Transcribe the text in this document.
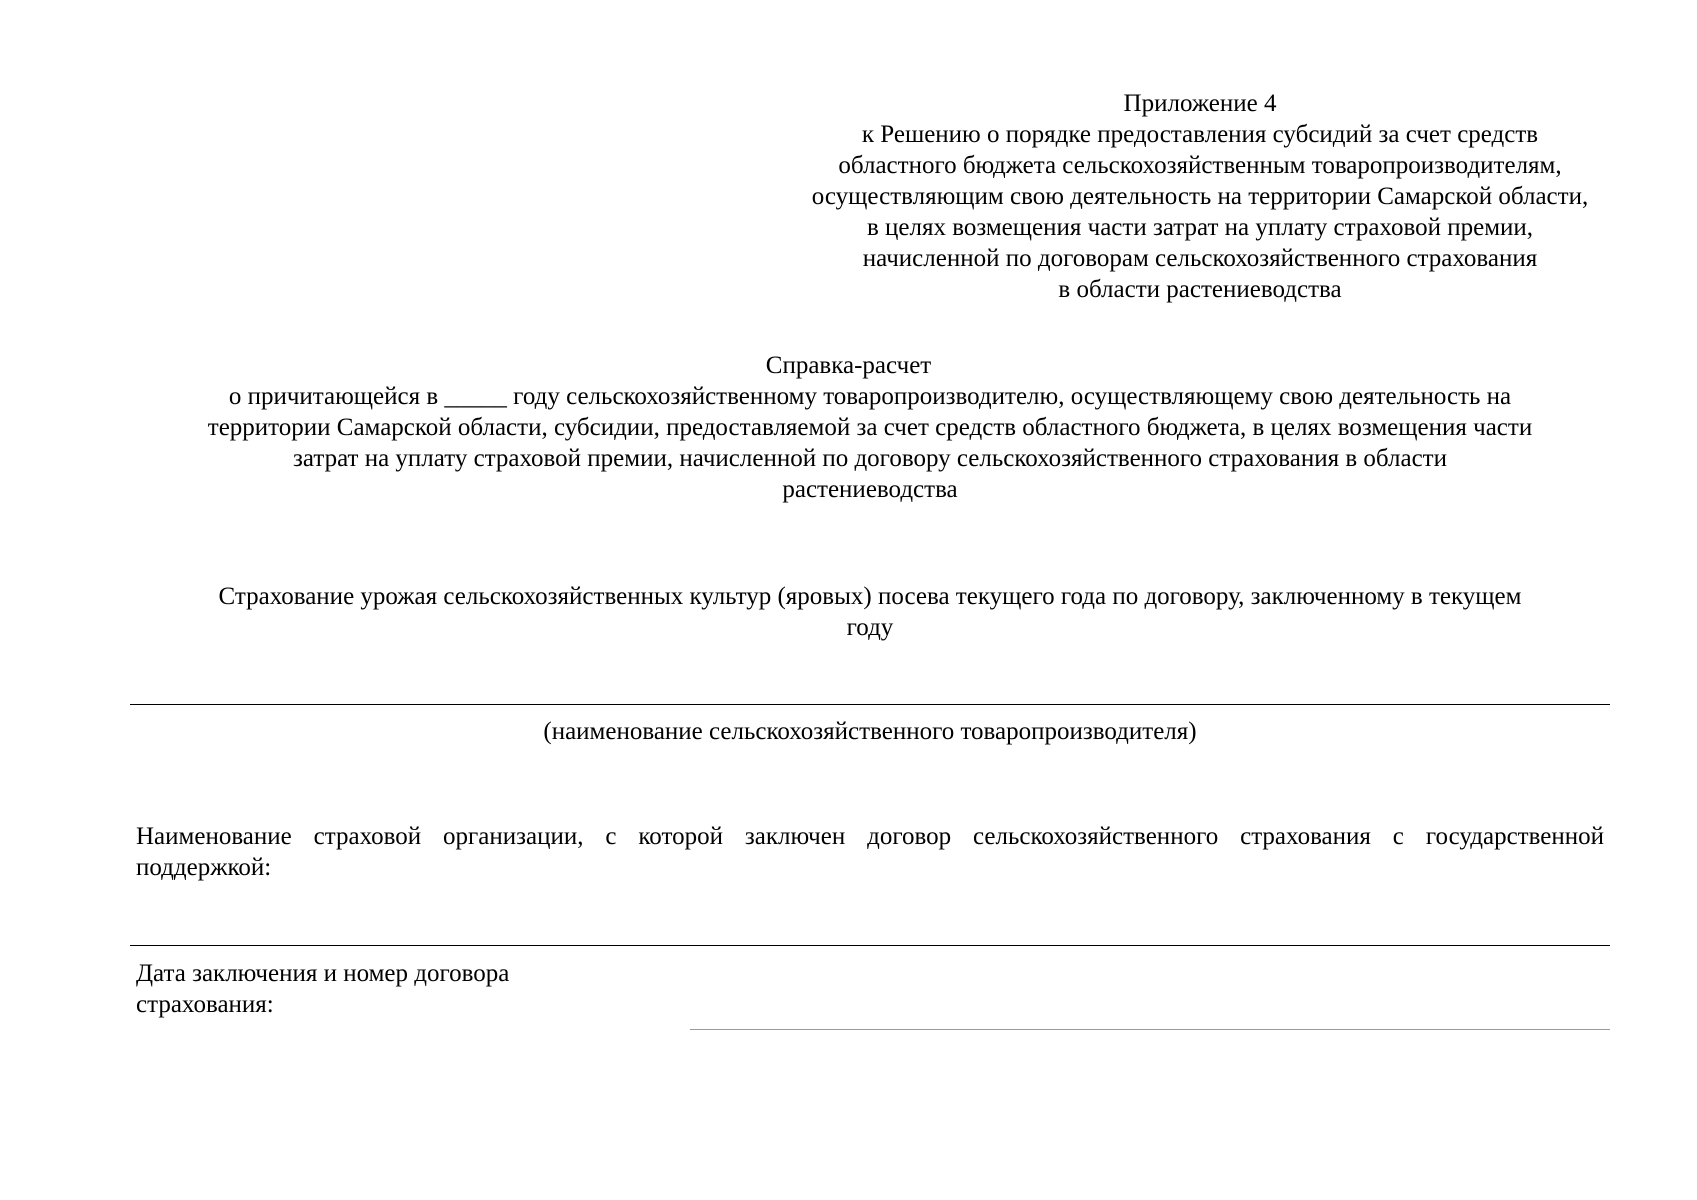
Приложение 4
к Решению о порядке предоставления субсидий за счет средств
областного бюджета сельскохозяйственным товаропроизводителям,
осуществляющим свою деятельность на территории Самарской области,
в целях возмещения части затрат на уплату страховой премии,
начисленной по договорам сельскохозяйственного страхования
в области растениеводства
Справка-расчет
о причитающейся в _____ году сельскохозяйственному товаропроизводителю, осуществляющему свою деятельность на
территории Самарской области, субсидии, предоставляемой за счет средств областного бюджета, в целях возмещения части
затрат на уплату страховой премии, начисленной по договору сельскохозяйственного страхования в области
растениеводства
Страхование урожая сельскохозяйственных культур (яровых) посева текущего года по договору, заключенному в текущем
году
(наименование сельскохозяйственного товаропроизводителя)
Наименование страховой организации, с которой заключен договор сельскохозяйственного страхования с государственной
поддержкой:
Дата заключения и номер договора
страхования:
